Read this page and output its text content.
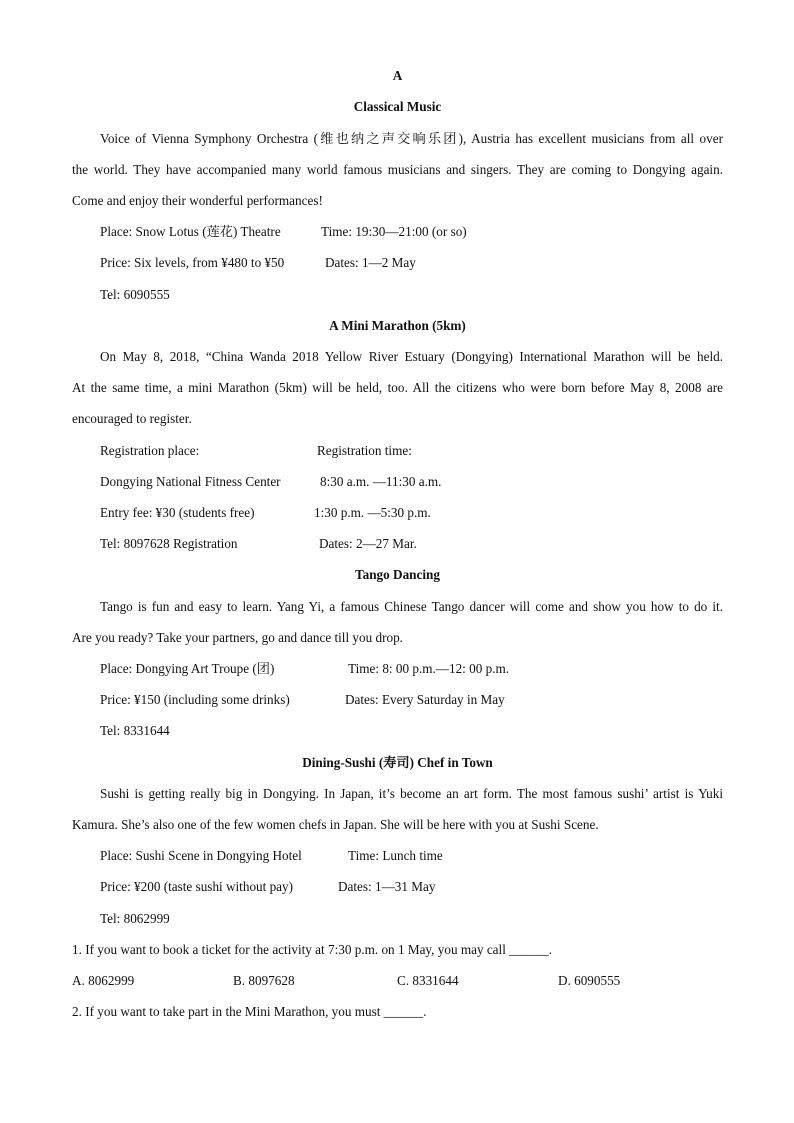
A
Classical Music
Voice of Vienna Symphony Orchestra (维也纳之声交响乐团), Austria has excellent musicians from all over
the world. They have accompanied many world famous musicians and singers. They are coming to Dongying again.
Come and enjoy their wonderful performances!
Place: Snow Lotus (莲花) Theatre	Time: 19:30—21:00 (or so)
Price: Six levels, from ¥480 to ¥50	Dates: 1—2 May
Tel: 6090555
A Mini Marathon (5km)
On May 8, 2018, “China Wanda 2018 Yellow River Estuary (Dongying) International Marathon will be held.
At the same time, a mini Marathon (5km) will be held, too. All the citizens who were born before May 8, 2008 are
encouraged to register.
Registration place:	Registration time:
Dongying National Fitness Center	8:30 a.m. —11:30 a.m.
Entry fee: ¥30 (students free)	1:30 p.m. —5:30 p.m.
Tel: 8097628 Registration	Dates: 2—27 Mar.
Tango Dancing
Tango is fun and easy to learn. Yang Yi, a famous Chinese Tango dancer will come and show you how to do it.
Are you ready? Take your partners, go and dance till you drop.
Place: Dongying Art Troupe (团)	Time: 8: 00 p.m.—12: 00 p.m.
Price: ¥150 (including some drinks)	Dates: Every Saturday in May
Tel: 8331644
Dining-Sushi (寿司) Chef in Town
Sushi is getting really big in Dongying. In Japan, it’s become an art form. The most famous sushi’ artist is Yuki
Kamura. She’s also one of the few women chefs in Japan. She will be here with you at Sushi Scene.
Place: Sushi Scene in Dongying Hotel	Time: Lunch time
Price: ¥200 (taste sushi without pay)	Dates: 1—31 May
Tel: 8062999
1. If you want to book a ticket for the activity at 7:30 p.m. on 1 May, you may call ______.
A. 8062999	B. 8097628	C. 8331644	D. 6090555
2. If you want to take part in the Mini Marathon, you must ______.
